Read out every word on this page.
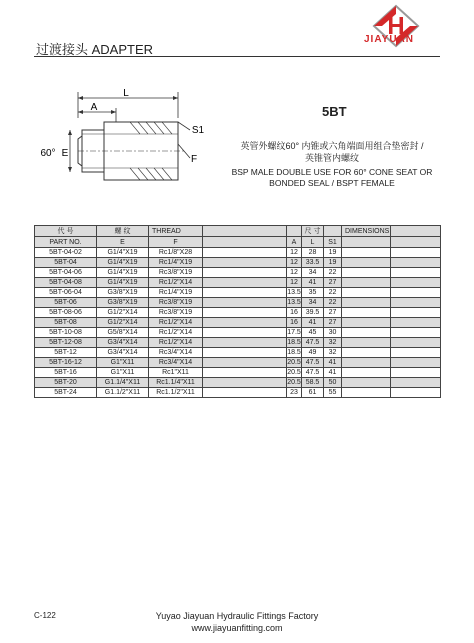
JIAYUAN
过渡接头 ADAPTER
L
A
E
60°
S1
F
5BT
英管外螺纹60° 内锥或六角端面用组合垫密封 /
英锥管内螺纹
BSP MALE DOUBLE USE FOR 60° CONE SEAT OR
BONDED SEAL / BSPT FEMALE
代 号	螺 纹	THREAD			尺 寸		DIMENSIONS	
PART NO.	E	F		A	L	S1		
5BT-04-02	G1/4"X19	Rc1/8"X28		12	28	19		
5BT-04	G1/4"X19	Rc1/4"X19		12	33.5	19		
5BT-04-06	G1/4"X19	Rc3/8"X19		12	34	22		
5BT-04-08	G1/4"X19	Rc1/2"X14		12	41	27		
5BT-06-04	G3/8"X19	Rc1/4"X19		13.5	35	22		
5BT-06	G3/8"X19	Rc3/8"X19		13.5	34	22		
5BT-08-06	G1/2"X14	Rc3/8"X19		16	39.5	27		
5BT-08	G1/2"X14	Rc1/2"X14		16	41	27		
5BT-10-08	G5/8"X14	Rc1/2"X14		17.5	45	30		
5BT-12-08	G3/4"X14	Rc1/2"X14		18.5	47.5	32		
5BT-12	G3/4"X14	Rc3/4"X14		18.5	49	32		
5BT-16-12	G1"X11	Rc3/4"X14		20.5	47.5	41		
5BT-16	G1"X11	Rc1"X11		20.5	47.5	41		
5BT-20	G1.1/4"X11	Rc1.1/4"X11		20.5	58.5	50		
5BT-24	G1.1/2"X11	Rc1.1/2"X11		23	61	55		
C-122	Yuyao Jiayuan Hydraulic Fittings Factory
www.jiayuanfitting.com
